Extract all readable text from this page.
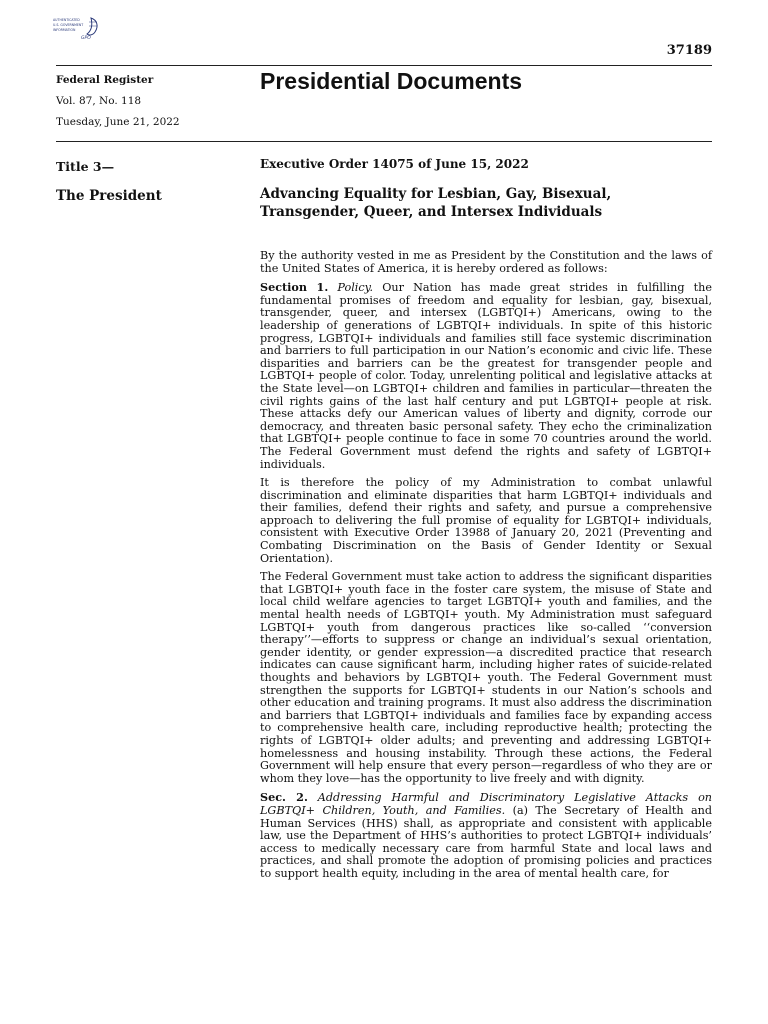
AUTHENTICATED
U.S. GOVERNMENT
INFORMATION
GPO
37189
Federal Register
Vol. 87, No. 118
Tuesday, June 21, 2022
Presidential Documents
Title 3—
The President
Executive Order 14075 of June 15, 2022
Advancing Equality for Lesbian, Gay, Bisexual, Transgender, Queer, and Intersex Individuals

By the authority vested in me as President by the Constitution and the laws of the United States of America, it is hereby ordered as follows:

Section 1. Policy. Our Nation has made great strides in fulfilling the fundamental promises of freedom and equality for lesbian, gay, bisexual, transgender, queer, and intersex (LGBTQI+) Americans, owing to the leadership of generations of LGBTQI+ individuals. In spite of this historic progress, LGBTQI+ individuals and families still face systemic discrimination and barriers to full participation in our Nation’s economic and civic life. These disparities and barriers can be the greatest for transgender people and LGBTQI+ people of color. Today, unrelenting political and legislative attacks at the State level—on LGBTQI+ children and families in particular—threaten the civil rights gains of the last half century and put LGBTQI+ people at risk. These attacks defy our American values of liberty and dignity, corrode our democracy, and threaten basic personal safety. They echo the criminalization that LGBTQI+ people continue to face in some 70 countries around the world. The Federal Government must defend the rights and safety of LGBTQI+ individuals.

It is therefore the policy of my Administration to combat unlawful discrimination and eliminate disparities that harm LGBTQI+ individuals and their families, defend their rights and safety, and pursue a comprehensive approach to delivering the full promise of equality for LGBTQI+ individuals, consistent with Executive Order 13988 of January 20, 2021 (Preventing and Combating Discrimination on the Basis of Gender Identity or Sexual Orientation).

The Federal Government must take action to address the significant disparities that LGBTQI+ youth face in the foster care system, the misuse of State and local child welfare agencies to target LGBTQI+ youth and families, and the mental health needs of LGBTQI+ youth. My Administration must safeguard LGBTQI+ youth from dangerous practices like so-called ‘‘conversion therapy’’—efforts to suppress or change an individual’s sexual orientation, gender identity, or gender expression—a discredited practice that research indicates can cause significant harm, including higher rates of suicide-related thoughts and behaviors by LGBTQI+ youth. The Federal Government must strengthen the supports for LGBTQI+ students in our Nation’s schools and other education and training programs. It must also address the discrimination and barriers that LGBTQI+ individuals and families face by expanding access to comprehensive health care, including reproductive health; protecting the rights of LGBTQI+ older adults; and preventing and addressing LGBTQI+ homelessness and housing instability. Through these actions, the Federal Government will help ensure that every person—regardless of who they are or whom they love—has the opportunity to live freely and with dignity.

Sec. 2. Addressing Harmful and Discriminatory Legislative Attacks on LGBTQI+ Children, Youth, and Families. (a) The Secretary of Health and Human Services (HHS) shall, as appropriate and consistent with applicable law, use the Department of HHS’s authorities to protect LGBTQI+ individuals’ access to medically necessary care from harmful State and local laws and practices, and shall promote the adoption of promising policies and practices to support health equity, including in the area of mental health care, for
